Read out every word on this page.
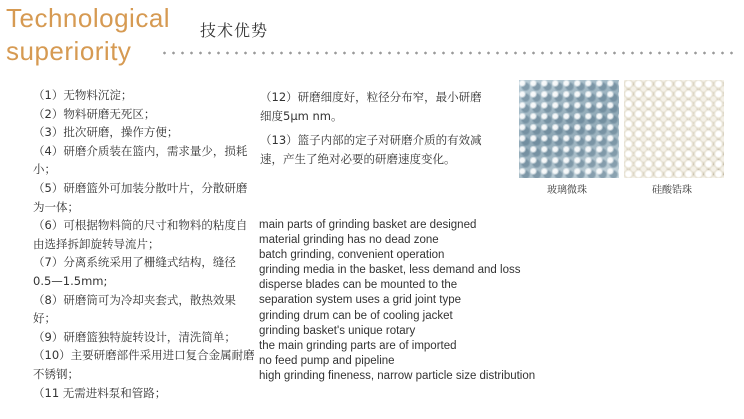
Technological
superiority
技术优势

（1）无物料沉淀；

（2）物料研磨无死区；

（3）批次研磨，操作方便；

（4）研磨介质装在篮内，需求量少，损耗

小；

（5）研磨篮外可加装分散叶片，分散研磨

为一体；

（6）可根据物料筒的尺寸和物料的粘度自

由选择拆卸旋转导流片；

（7）分离系统采用了栅缝式结构，缝径

0.5—1.5mm;

（8）研磨筒可为冷却夹套式，散热效果

好；

（9）研磨篮独特旋转设计，清洗简单；

（10）主要研磨部件采用进口复合金属耐磨

不锈钢；

（11 无需进料泵和管路；

（12）研磨细度好，粒径分布窄，最小研磨
细度5μm nm。

（13）篮子内部的定子对研磨介质的有效减
速，产生了绝对必要的研磨速度变化。

main parts of grinding basket are designed
material grinding has no dead zone
batch grinding, convenient operation
grinding media in the basket, less demand and loss
disperse blades can be mounted to the
separation system uses a grid joint type
grinding drum can be of cooling jacket
grinding basket's unique rotary
the main grinding parts are of imported
no feed pump and pipeline
high grinding fineness, narrow particle size distribution
玻璃微珠	硅酸锆珠
